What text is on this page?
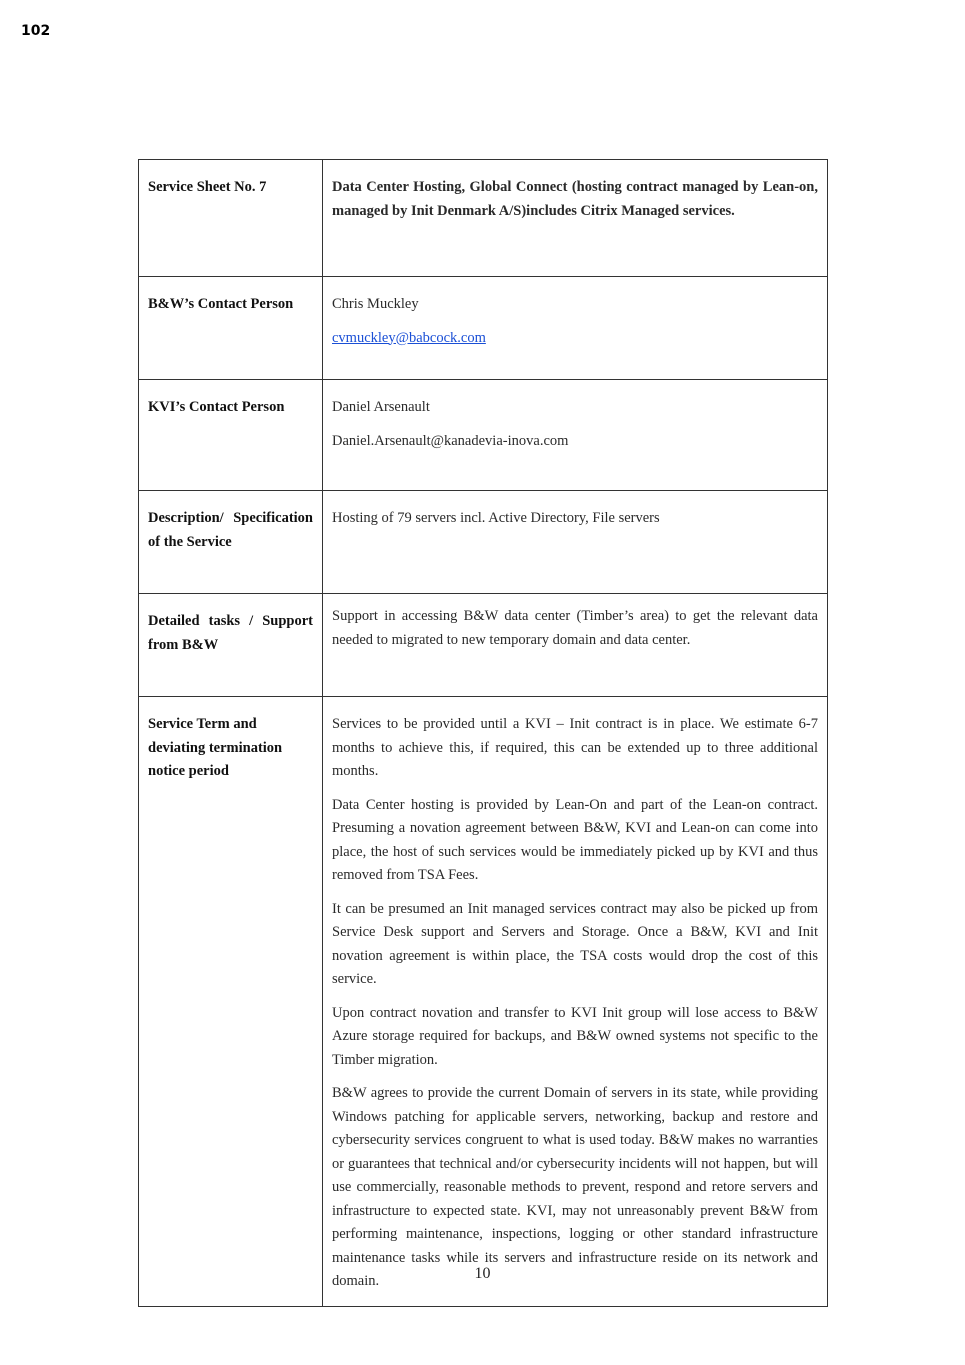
102
Service Sheet No. 7	Data Center Hosting, Global Connect (hosting contract managed by Lean-on, managed by Init Denmark A/S)includes Citrix Managed services.

B&W’s Contact Person	Chris Muckley
cvmuckley@babcock.com

KVI’s Contact Person	Daniel Arsenault
Daniel.Arsenault@kanadevia-inova.com

Description/ Specification of the Service	Hosting of 79 servers incl. Active Directory, File servers

Detailed tasks / Support from B&W	Support in accessing B&W data center (Timber’s area) to get the relevant data needed to migrated to new temporary domain and data center.

Service Term and deviating termination notice period	Services to be provided until a KVI – Init contract is in place. We estimate 6-7 months to achieve this, if required, this can be extended up to three additional months.
Data Center hosting is provided by Lean-On and part of the Lean-on contract. Presuming a novation agreement between B&W, KVI and Lean-on can come into place, the host of such services would be immediately picked up by KVI and thus removed from TSA Fees.
It can be presumed an Init managed services contract may also be picked up from Service Desk support and Servers and Storage. Once a B&W, KVI and Init novation agreement is within place, the TSA costs would drop the cost of this service.
Upon contract novation and transfer to KVI Init group will lose access to B&W Azure storage required for backups, and B&W owned systems not specific to the Timber migration.
B&W agrees to provide the current Domain of servers in its state, while providing Windows patching for applicable servers, networking, backup and restore and cybersecurity services congruent to what is used today. B&W makes no warranties or guarantees that technical and/or cybersecurity incidents will not happen, but will use commercially, reasonable methods to prevent, respond and retore servers and infrastructure to expected state. KVI, may not unreasonably prevent B&W from performing maintenance, inspections, logging or other standard infrastructure maintenance tasks while its servers and infrastructure reside on its network and domain.	10
